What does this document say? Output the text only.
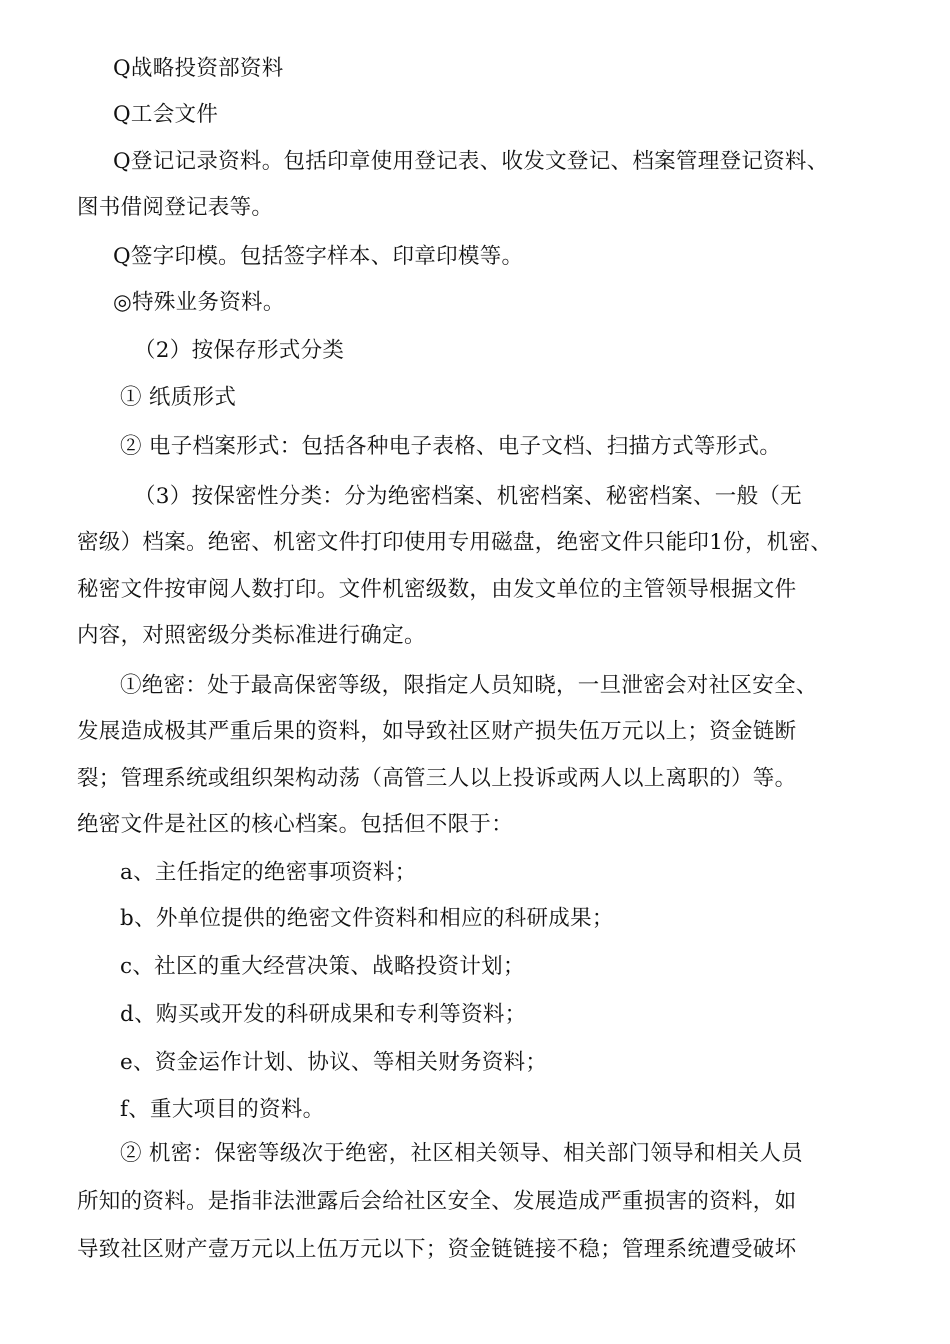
Q战略投资部资料
Q工会文件
Q登记记录资料。包括印章使用登记表、收发文登记、档案管理登记资料、
图书借阅登记表等。
Q签字印模。包括签字样本、印章印模等。
◎特殊业务资料。
（2）按保存形式分类
① 纸质形式
② 电子档案形式：包括各种电子表格、电子文档、扫描方式等形式。
（3）按保密性分类：分为绝密档案、机密档案、秘密档案、一般（无
密级）档案。绝密、机密文件打印使用专用磁盘，绝密文件只能印1份，机密、
秘密文件按审阅人数打印。文件机密级数，由发文单位的主管领导根据文件
内容，对照密级分类标准进行确定。
①绝密：处于最高保密等级，限指定人员知晓，一旦泄密会对社区安全、
发展造成极其严重后果的资料，如导致社区财产损失伍万元以上；资金链断
裂；管理系统或组织架构动荡（高管三人以上投诉或两人以上离职的）等。
绝密文件是社区的核心档案。包括但不限于：
a、主任指定的绝密事项资料；
b、外单位提供的绝密文件资料和相应的科研成果；
c、社区的重大经营决策、战略投资计划；
d、购买或开发的科研成果和专利等资料；
e、资金运作计划、协议、等相关财务资料；
f、重大项目的资料。
② 机密：保密等级次于绝密，社区相关领导、相关部门领导和相关人员
所知的资料。是指非法泄露后会给社区安全、发展造成严重损害的资料，如
导致社区财产壹万元以上伍万元以下；资金链链接不稳；管理系统遭受破坏
